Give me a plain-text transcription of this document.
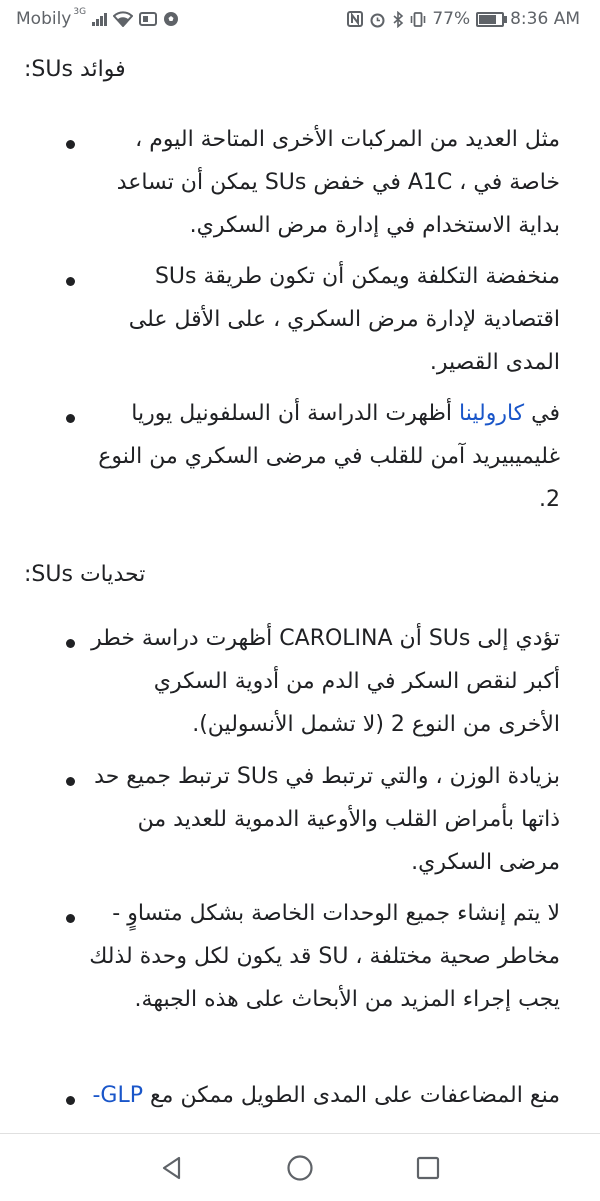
Mobily 3G	77% 8:36 AM
فوائد SUs:
مثل العديد من المركبات الأخرى المتاحة اليوم ، خاصة في ، A1C في خفض SUs يمكن أن تساعد بداية الاستخدام في إدارة مرض السكري.
منخفضة التكلفة ويمكن أن تكون طريقة SUs اقتصادية لإدارة مرض السكري ، على الأقل على المدى القصير.
في كارولينا أظهرت الدراسة أن السلفونيل يوريا غليميبيريد آمن للقلب في مرضى السكري من النوع 2.
تحديات SUs:
تؤدي إلى SUs أن CAROLINA أظهرت دراسة خطر أكبر لنقص السكر في الدم من أدوية السكري الأخرى من النوع 2 (لا تشمل الأنسولين).
بزيادة الوزن ، والتي ترتبط في SUs ترتبط جميع حد ذاتها بأمراض القلب والأوعية الدموية للعديد من مرضى السكري.
لا يتم إنشاء جميع الوحدات الخاصة بشكل متساوٍ - مخاطر صحية مختلفة ، SU قد يكون لكل وحدة لذلك يجب إجراء المزيد من الأبحاث على هذه الجبهة.
منع المضاعفات على المدى الطويل ممكن مع GLP-
